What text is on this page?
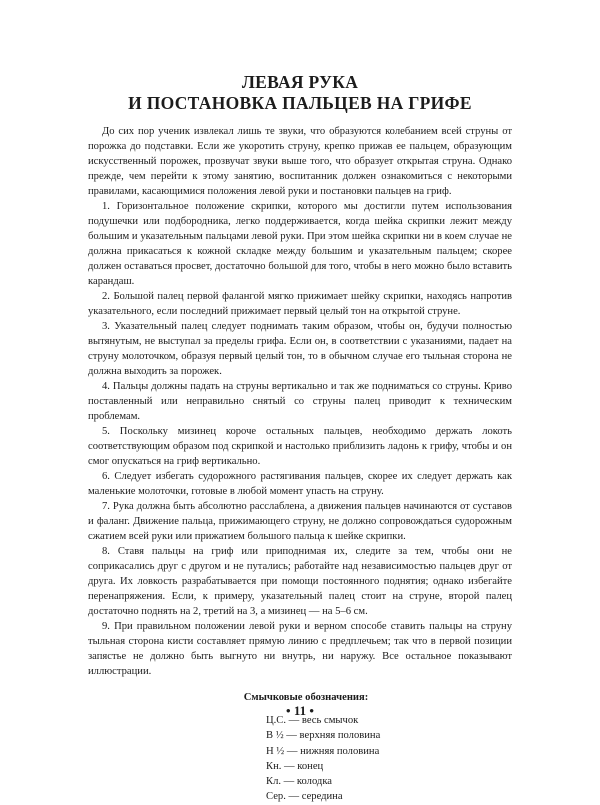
ЛЕВАЯ РУКА
И ПОСТАНОВКА ПАЛЬЦЕВ НА ГРИФЕ

До сих пор ученик извлекал лишь те звуки, что образуются колебанием всей струны от порожка до подставки. Если же укоротить струну, крепко прижав ее пальцем, образующим искусственный порожек, прозвучат звуки выше того, что образует открытая струна. Однако прежде, чем перейти к этому занятию, воспитанник должен ознакомиться с некоторыми правилами, касающимися положения левой руки и постановки пальцев на гриф.

1. Горизонтальное положение скрипки, которого мы достигли путем использования подушечки или подбородника, легко поддерживается, когда шейка скрипки лежит между большим и указательным пальцами левой руки. При этом шейка скрипки ни в коем случае не должна прикасаться к кожной складке между большим и указательным пальцем; скорее должен оставаться просвет, достаточно большой для того, чтобы в него можно было вставить карандаш.

2. Большой палец первой фалангой мягко прижимает шейку скрипки, находясь напротив указательного, если последний прижимает первый целый тон на открытой струне.

3. Указательный палец следует поднимать таким образом, чтобы он, будучи полностью вытянутым, не выступал за пределы грифа. Если он, в соответствии с указаниями, падает на струну молоточком, образуя первый целый тон, то в обычном случае его тыльная сторона не должна выходить за порожек.

4. Пальцы должны падать на струны вертикально и так же подниматься со струны. Криво поставленный или неправильно снятый со струны палец приводит к техническим проблемам.

5. Поскольку мизинец короче остальных пальцев, необходимо держать локоть соответствующим образом под скрипкой и настолько приблизить ладонь к грифу, чтобы и он смог опускаться на гриф вертикально.

6. Следует избегать судорожного растягивания пальцев, скорее их следует держать как маленькие молоточки, готовые в любой момент упасть на струну.

7. Рука должна быть абсолютно расслаблена, а движения пальцев начинаются от суставов и фаланг. Движение пальца, прижимающего струну, не должно сопровождаться судорожным сжатием всей руки или прижатием большого пальца к шейке скрипки.

8. Ставя пальцы на гриф или приподнимая их, следите за тем, чтобы они не соприкасались друг с другом и не путались; работайте над независимостью пальцев друг от друга. Их ловкость разрабатывается при помощи постоянного поднятия; однако избегайте перенапряжения. Если, к примеру, указательный палец стоит на струне, второй палец достаточно поднять на 2, третий на 3, а мизинец — на 5–6 см.

9. При правильном положении левой руки и верном способе ставить пальцы на струну тыльная сторона кисти составляет прямую линию с предплечьем; так что в первой позиции запястье не должно быть выгнуто ни внутрь, ни наружу. Все остальное показывают иллюстрации.

Смычковые обозначения:
Ц.С. — весь смычок
В ½ — верхняя половина
Н ½ — нижняя половина
Кн. — конец
Кл. — колодка
Сер. — середина
• 11 •
